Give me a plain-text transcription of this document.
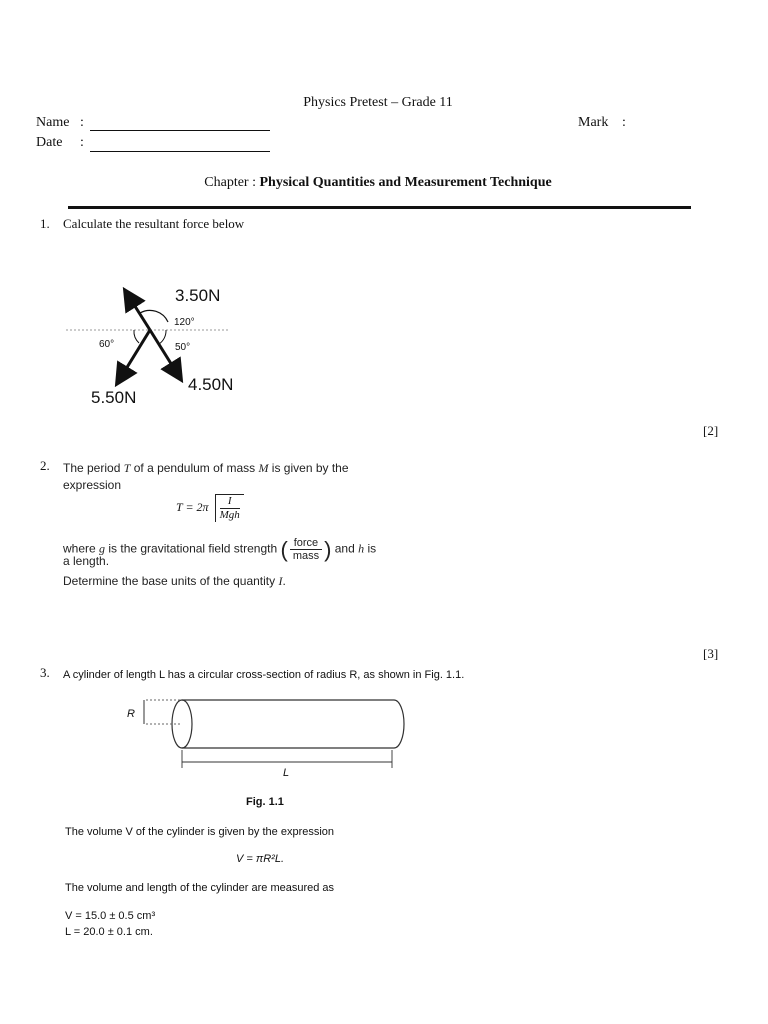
Physics Pretest – Grade 11
Name :	Mark :
Date :
Chapter : Physical Quantities and Measurement Technique
1. Calculate the resultant force below
3.50N
120°
60°	50°
4.50N
5.50N
[2]
2. The period T of a pendulum of mass M is given by the
expression
T = 2π	I
Mgh
where g is the gravitational field strength ( $\frac{\text{force}}{\text{mass}}$ ) and h is
a length.
Determine the base units of the quantity I.
[3]
3. A cylinder of length L has a circular cross-section of radius R, as shown in Fig. 1.1.
R
L
Fig. 1.1
The volume V of the cylinder is given by the expression
V = πR²L.
The volume and length of the cylinder are measured as
V = 15.0 ± 0.5 cm³
L = 20.0 ± 0.1 cm.
